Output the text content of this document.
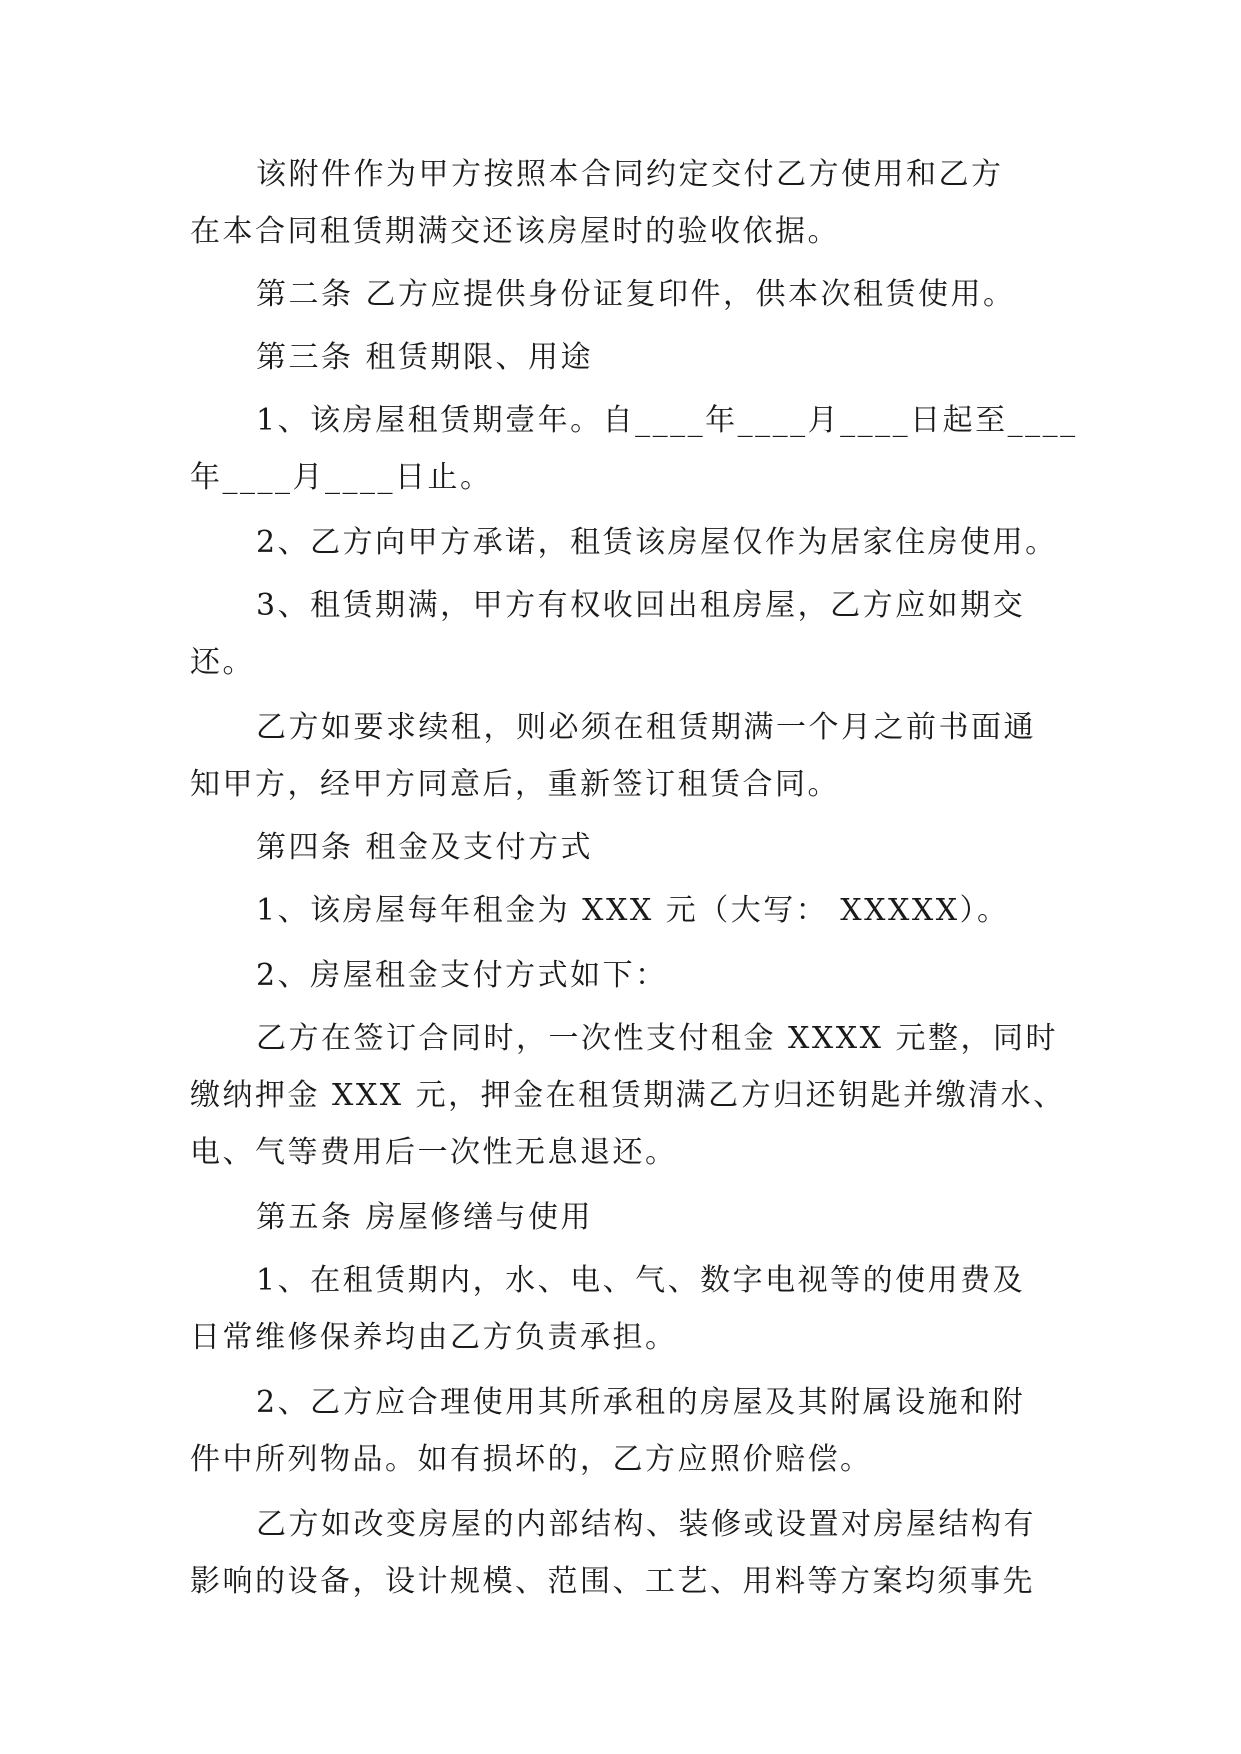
该附件作为甲方按照本合同约定交付乙方使用和乙方
在本合同租赁期满交还该房屋时的验收依据。
第二条 乙方应提供身份证复印件，供本次租赁使用。
第三条 租赁期限、用途
1、该房屋租赁期壹年。自____年____月____日起至____
年____月____日止。
2、乙方向甲方承诺，租赁该房屋仅作为居家住房使用。
3、租赁期满，甲方有权收回出租房屋，乙方应如期交
还。
乙方如要求续租，则必须在租赁期满一个月之前书面通
知甲方，经甲方同意后，重新签订租赁合同。
第四条 租金及支付方式
1、该房屋每年租金为 XXX 元（大写： XXXXX）。
2、房屋租金支付方式如下：
乙方在签订合同时，一次性支付租金 XXXX 元整，同时
缴纳押金 XXX 元，押金在租赁期满乙方归还钥匙并缴清水、
电、气等费用后一次性无息退还。
第五条 房屋修缮与使用
1、在租赁期内，水、电、气、数字电视等的使用费及
日常维修保养均由乙方负责承担。
2、乙方应合理使用其所承租的房屋及其附属设施和附
件中所列物品。如有损坏的，乙方应照价赔偿。
乙方如改变房屋的内部结构、装修或设置对房屋结构有
影响的设备，设计规模、范围、工艺、用料等方案均须事先
